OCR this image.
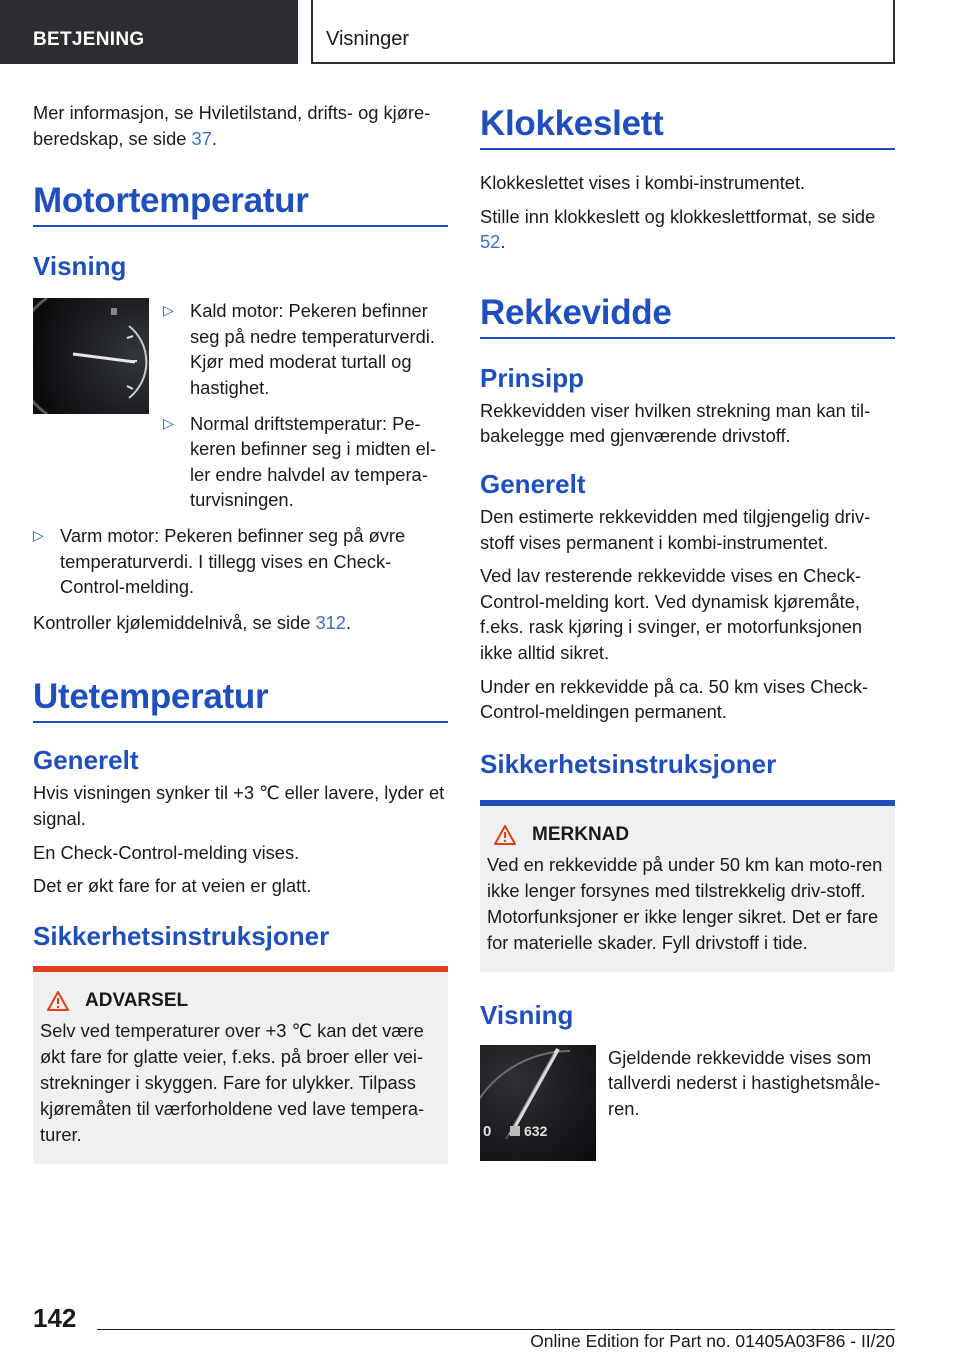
BETJENING	Visninger

Mer informasjon, se Hviletilstand, drifts- og kjøre-beredskap, se side 37.

Motortemperatur
Visning
▷ Kald motor: Pekeren befinner seg på nedre temperaturverdi. Kjør med moderat turtall og hastighet.
▷ Normal driftstemperatur: Pe-keren befinner seg i midten el-ler endre halvdel av tempera-turvisningen.
▷ Varm motor: Pekeren befinner seg på øvre temperaturverdi. I tillegg vises en Check-Control-melding.

Kontroller kjølemiddelnivå, se side 312.

Utetemperatur
Generelt

Hvis visningen synker til +3 ℃ eller lavere, lyder et signal.

En Check-Control-melding vises.

Det er økt fare for at veien er glatt.

Sikkerhetsinstruksjoner
ADVARSEL

Selv ved temperaturer over +3 ℃ kan det være økt fare for glatte veier, f.eks. på broer eller vei-strekninger i skyggen. Fare for ulykker. Tilpass kjøremåten til værforholdene ved lave tempera-turer.

Klokkeslett

Klokkeslettet vises i kombi-instrumentet.

Stille inn klokkeslett og klokkeslettformat, se side 52.

Rekkevidde
Prinsipp

Rekkevidden viser hvilken strekning man kan til-bakelegge med gjenværende drivstoff.

Generelt

Den estimerte rekkevidden med tilgjengelig driv-stoff vises permanent i kombi-instrumentet.

Ved lav resterende rekkevidde vises en Check-Control-melding kort. Ved dynamisk kjøremåte, f.eks. rask kjøring i svinger, er motorfunksjonen ikke alltid sikret.

Under en rekkevidde på ca. 50 km vises Check-Control-meldingen permanent.

Sikkerhetsinstruksjoner
MERKNAD

Ved en rekkevidde på under 50 km kan moto-ren ikke lenger forsynes med tilstrekkelig driv-stoff. Motorfunksjoner er ikke lenger sikret. Det er fare for materielle skader. Fyll drivstoff i tide.

Visning
0 632

Gjeldende rekkevidde vises som tallverdi nederst i hastighetsmåle-ren.

142
Online Edition for Part no. 01405A03F86 - II/20
